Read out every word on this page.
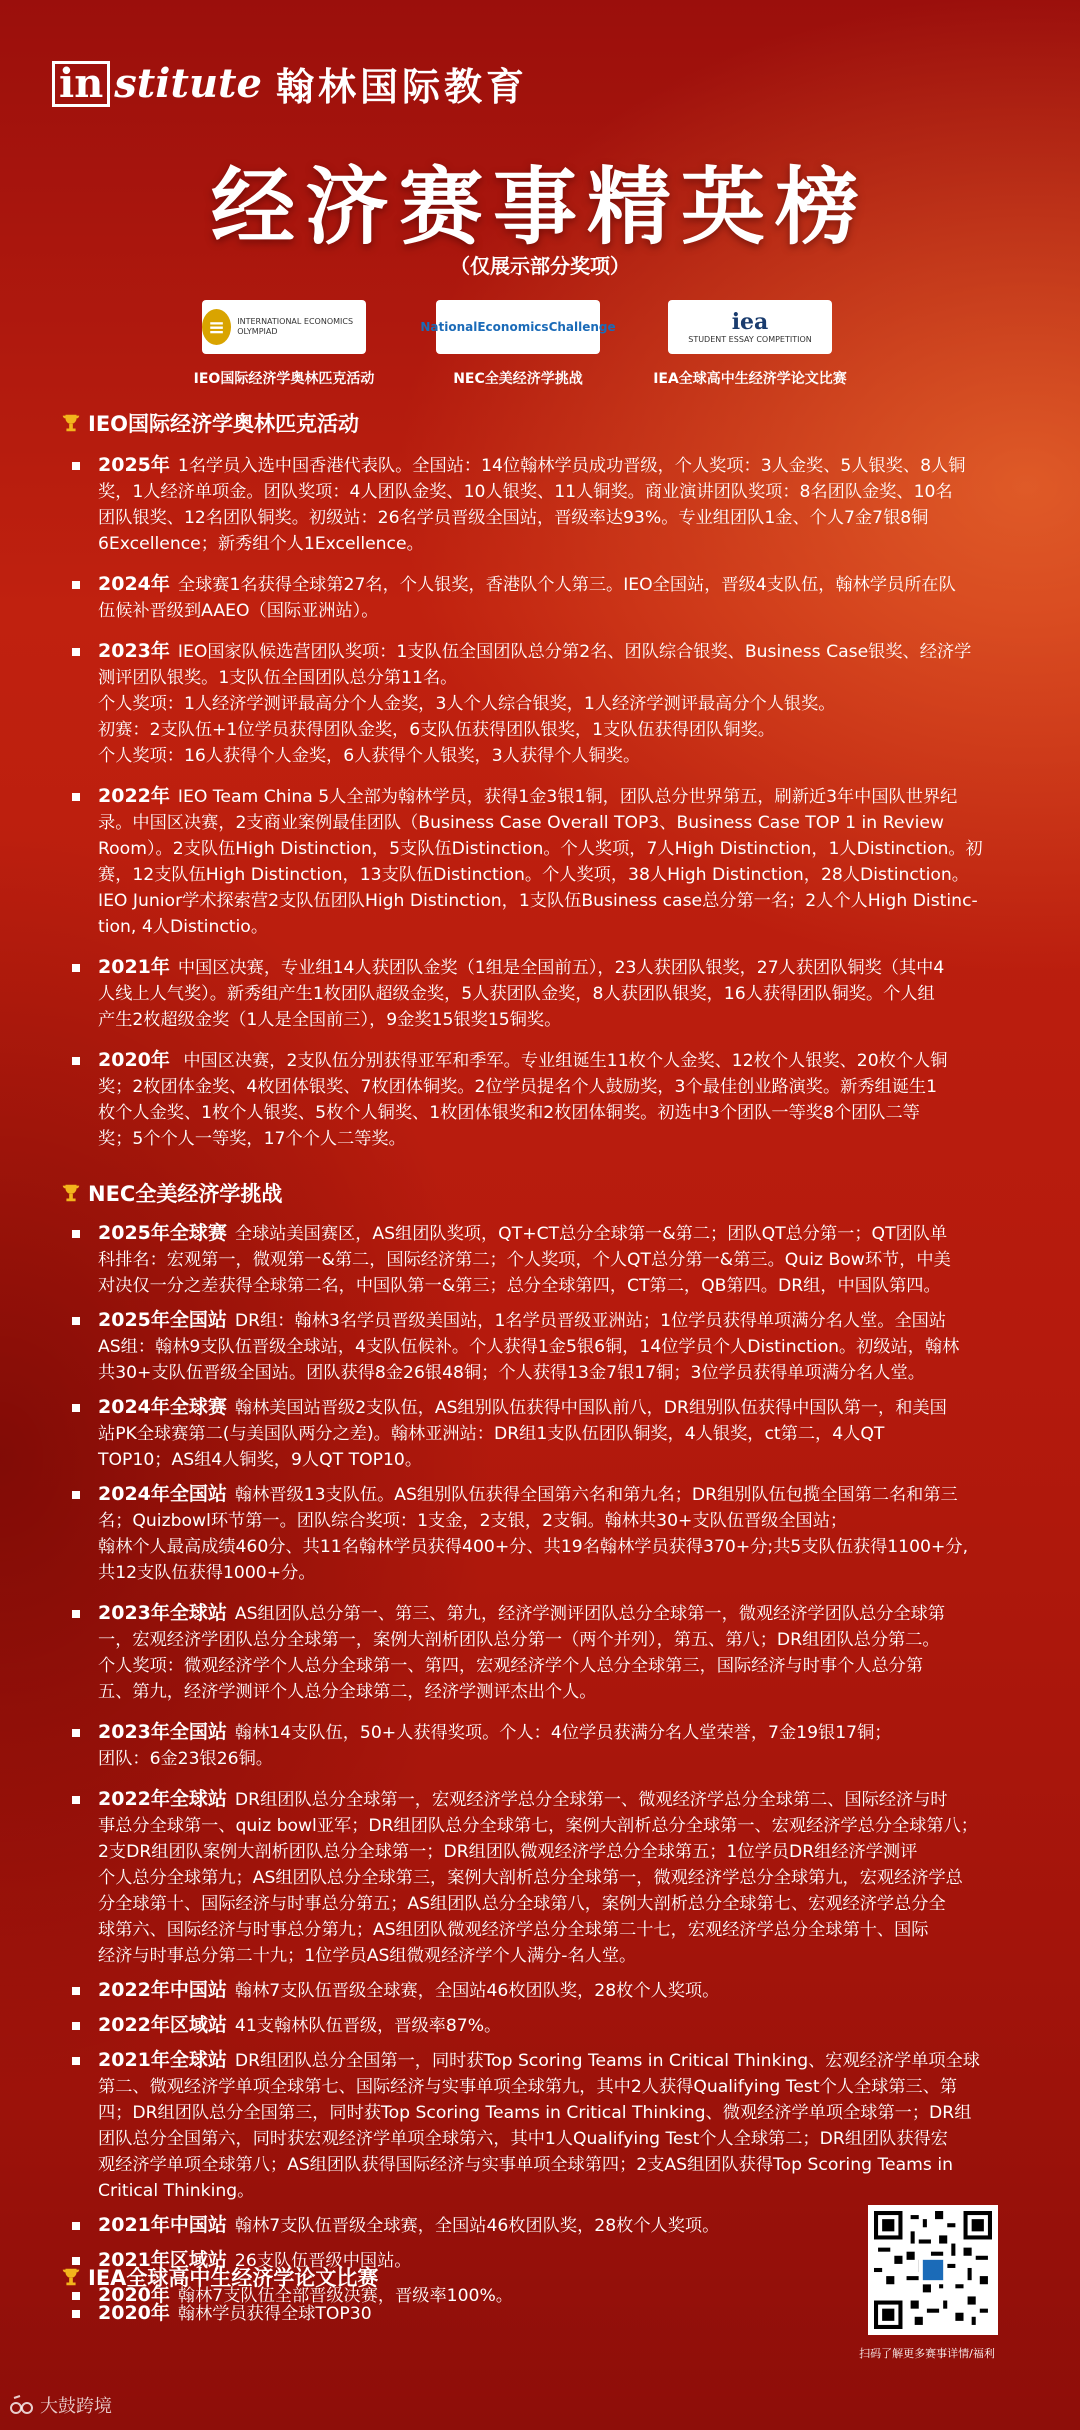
in stitute 翰林国际教育
经济赛事精英榜
（仅展示部分奖项）
≡	INTERNATIONAL ECONOMICS OLYMPIAD
IEO国际经济学奥林匹克活动
NationalEconomicsChallenge
NEC全美经济学挑战
iea
STUDENT ESSAY COMPETITION
IEA全球高中生经济学论文比赛
IEO国际经济学奥林匹克活动
2025年 1名学员入选中国香港代表队。全国站：14位翰林学员成功晋级，个人奖项：3人金奖、5人银奖、8人铜
奖，1人经济单项金。团队奖项：4人团队金奖、10人银奖、11人铜奖。商业演讲团队奖项：8名团队金奖、10名
团队银奖、12名团队铜奖。初级站：26名学员晋级全国站，晋级率达93%。专业组团队1金、个人7金7银8铜
6Excellence；新秀组个人1Excellence。
2024年 全球赛1名获得全球第27名，个人银奖，香港队个人第三。IEO全国站，晋级4支队伍，翰林学员所在队
伍候补晋级到AAEO（国际亚洲站）。
2023年 IEO国家队候选营团队奖项：1支队伍全国团队总分第2名、团队综合银奖、Business Case银奖、经济学
测评团队银奖。1支队伍全国团队总分第11名。
个人奖项：1人经济学测评最高分个人金奖，3人个人综合银奖，1人经济学测评最高分个人银奖。
初赛：2支队伍+1位学员获得团队金奖，6支队伍获得团队银奖，1支队伍获得团队铜奖。
个人奖项：16人获得个人金奖，6人获得个人银奖，3人获得个人铜奖。
2022年 IEO Team China 5人全部为翰林学员，获得1金3银1铜，团队总分世界第五，刷新近3年中国队世界纪
录。中国区决赛，2支商业案例最佳团队（Business Case Overall TOP3、Business Case TOP 1 in Review
Room）。2支队伍High Distinction，5支队伍Distinction。个人奖项，7人High Distinction，1人Distinction。初
赛，12支队伍High Distinction，13支队伍Distinction。个人奖项，38人High Distinction，28人Distinction。
IEO Junior学术探索营2支队伍团队High Distinction，1支队伍Business case总分第一名；2人个人High Distinc-
tion, 4人Distinctio。
2021年 中国区决赛，专业组14人获团队金奖（1组是全国前五），23人获团队银奖，27人获团队铜奖（其中4
人线上人气奖）。新秀组产生1枚团队超级金奖，5人获团队金奖，8人获团队银奖，16人获得团队铜奖。个人组
产生2枚超级金奖（1人是全国前三），9金奖15银奖15铜奖。
2020年 中国区决赛，2支队伍分别获得亚军和季军。专业组诞生11枚个人金奖、12枚个人银奖、20枚个人铜
奖；2枚团体金奖、4枚团体银奖、7枚团体铜奖。2位学员提名个人鼓励奖，3个最佳创业路演奖。新秀组诞生1
枚个人金奖、1枚个人银奖、5枚个人铜奖、1枚团体银奖和2枚团体铜奖。初选中3个团队一等奖8个团队二等
奖；5个个人一等奖，17个个人二等奖。
NEC全美经济学挑战
2025年全球赛 全球站美国赛区，AS组团队奖项，QT+CT总分全球第一&第二；团队QT总分第一；QT团队单
科排名：宏观第一，微观第一&第二，国际经济第二；个人奖项，个人QT总分第一&第三。Quiz Bow环节，中美
对决仅一分之差获得全球第二名，中国队第一&第三；总分全球第四，CT第二，QB第四。DR组，中国队第四。
2025年全国站 DR组：翰林3名学员晋级美国站，1名学员晋级亚洲站；1位学员获得单项满分名人堂。全国站
AS组：翰林9支队伍晋级全球站，4支队伍候补。个人获得1金5银6铜，14位学员个人Distinction。初级站，翰林
共30+支队伍晋级全国站。团队获得8金26银48铜；个人获得13金7银17铜；3位学员获得单项满分名人堂。
2024年全球赛 翰林美国站晋级2支队伍，AS组别队伍获得中国队前八，DR组别队伍获得中国队第一，和美国
站PK全球赛第二(与美国队两分之差)。翰林亚洲站：DR组1支队伍团队铜奖，4人银奖，ct第二，4人QT
TOP10；AS组4人铜奖，9人QT TOP10。
2024年全国站 翰林晋级13支队伍。AS组别队伍获得全国第六名和第九名；DR组别队伍包揽全国第二名和第三
名；Quizbowl环节第一。团队综合奖项：1支金，2支银，2支铜。翰林共30+支队伍晋级全国站；
翰林个人最高成绩460分、共11名翰林学员获得400+分、共19名翰林学员获得370+分;共5支队伍获得1100+分,
共12支队伍获得1000+分。
2023年全球站 AS组团队总分第一、第三、第九，经济学测评团队总分全球第一，微观经济学团队总分全球第
一，宏观经济学团队总分全球第一，案例大剖析团队总分第一（两个并列），第五、第八；DR组团队总分第二。
个人奖项：微观经济学个人总分全球第一、第四，宏观经济学个人总分全球第三，国际经济与时事个人总分第
五、第九，经济学测评个人总分全球第二，经济学测评杰出个人。
2023年全国站 翰林14支队伍，50+人获得奖项。个人：4位学员获满分名人堂荣誉，7金19银17铜；
团队：6金23银26铜。
2022年全球站 DR组团队总分全球第一，宏观经济学总分全球第一、微观经济学总分全球第二、国际经济与时
事总分全球第一、quiz bowl亚军；DR组团队总分全球第七，案例大剖析总分全球第一、宏观经济学总分全球第八；
2支DR组团队案例大剖析团队总分全球第一；DR组团队微观经济学总分全球第五；1位学员DR组经济学测评
个人总分全球第九；AS组团队总分全球第三，案例大剖析总分全球第一，微观经济学总分全球第九，宏观经济学总
分全球第十、国际经济与时事总分第五；AS组团队总分全球第八，案例大剖析总分全球第七、宏观经济学总分全
球第六、国际经济与时事总分第九；AS组团队微观经济学总分全球第二十七，宏观经济学总分全球第十、国际
经济与时事总分第二十九；1位学员AS组微观经济学个人满分-名人堂。
2022年中国站 翰林7支队伍晋级全球赛，全国站46枚团队奖，28枚个人奖项。
2022年区域站 41支翰林队伍晋级，晋级率87%。
2021年全球站 DR组团队总分全国第一，同时获Top Scoring Teams in Critical Thinking、宏观经济学单项全球
第二、微观经济学单项全球第七、国际经济与实事单项全球第九，其中2人获得Qualifying Test个人全球第三、第
四；DR组团队总分全国第三，同时获Top Scoring Teams in Critical Thinking、微观经济学单项全球第一；DR组
团队总分全国第六，同时获宏观经济学单项全球第六，其中1人Qualifying Test个人全球第二；DR组团队获得宏
观经济学单项全球第八；AS组团队获得国际经济与实事单项全球第四；2支AS组团队获得Top Scoring Teams in
Critical Thinking。
2021年中国站 翰林7支队伍晋级全球赛，全国站46枚团队奖，28枚个人奖项。
2021年区域站 26支队伍晋级中国站。
2020年 翰林7支队伍全部晋级决赛，晋级率100%。
IEA全球高中生经济学论文比赛
2020年 翰林学员获得全球TOP30
扫码了解更多赛事详情/福利
大鼓跨境
